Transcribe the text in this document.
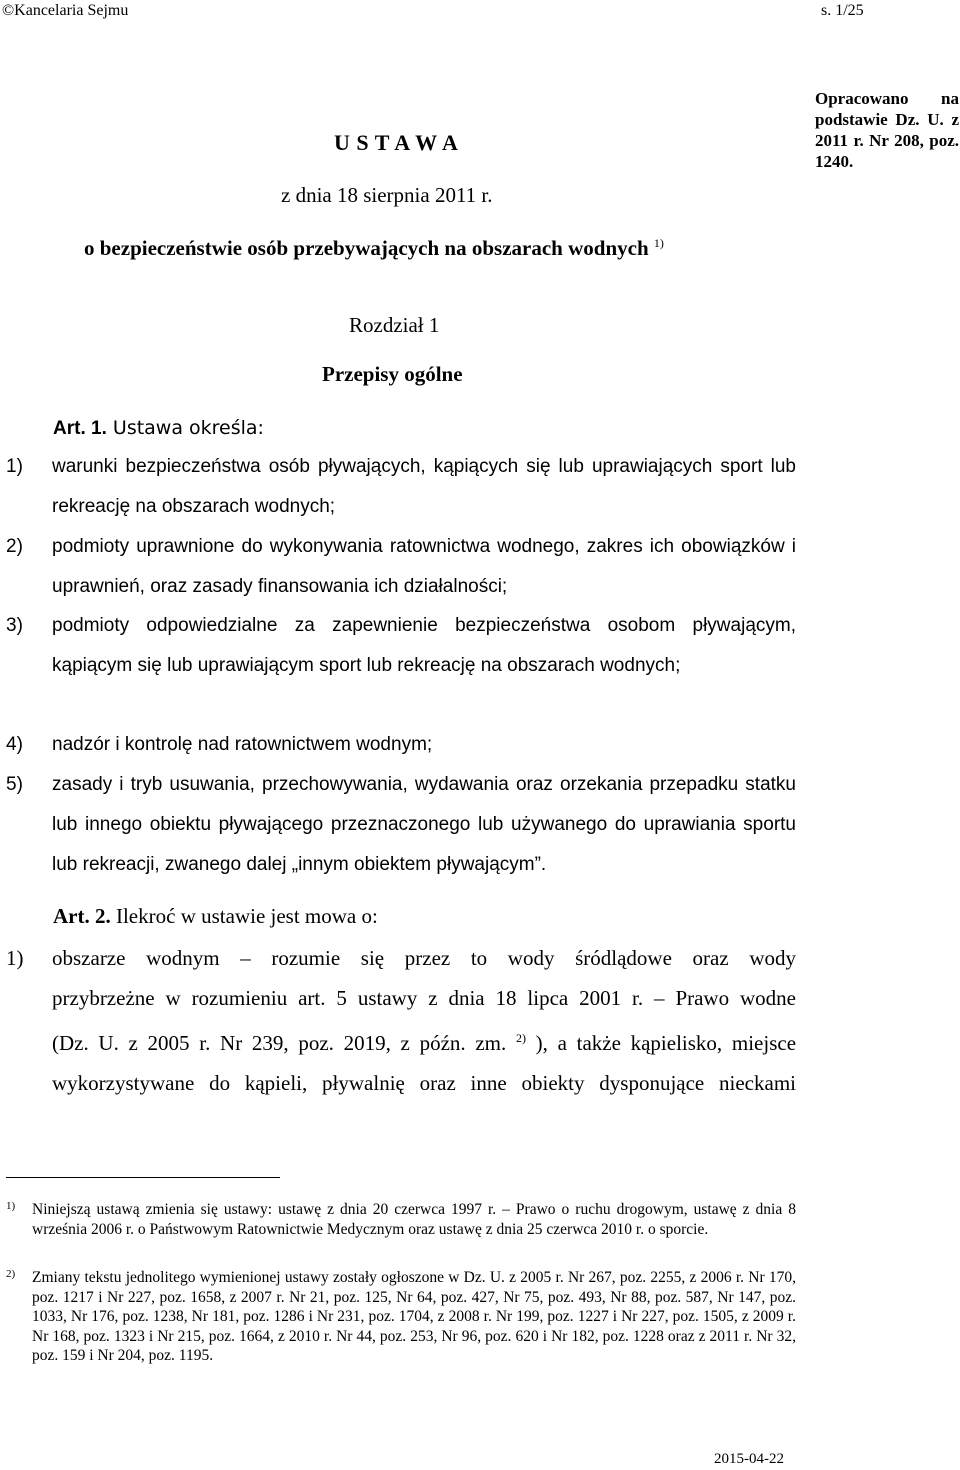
©Kancelaria Sejmu	s. 1/25
Opracowano na podstawie Dz. U. z 2011 r. Nr 208, poz. 1240.
U S T A W A
z dnia 18 sierpnia 2011 r.
o bezpieczeństwie osób przebywających na obszarach wodnych $^{1)}$
Rozdział 1
Przepisy ogólne
Art. 1. Ustawa określa:
1) warunki bezpieczeństwa osób pływających, kąpiących się lub uprawiających sport lub rekreację na obszarach wodnych;
2) podmioty uprawnione do wykonywania ratownictwa wodnego, zakres ich obowiązków i uprawnień, oraz zasady finansowania ich działalności;
3) podmioty odpowiedzialne za zapewnienie bezpieczeństwa osobom pływającym, kąpiącym się lub uprawiającym sport lub rekreację na obszarach wodnych;
4) nadzór i kontrolę nad ratownictwem wodnym;
5) zasady i tryb usuwania, przechowywania, wydawania oraz orzekania przepadku statku lub innego obiektu pływającego przeznaczonego lub używanego do uprawiania sportu lub rekreacji, zwanego dalej „innym obiektem pływającym”.
Art. 2. Ilekroć w ustawie jest mowa o:
1) obszarze wodnym – rozumie się przez to wody śródlądowe oraz wody
przybrzeżne w rozumieniu art. 5 ustawy z dnia 18 lipca 2001 r. – Prawo wodne
(Dz. U. z 2005 r. Nr 239, poz. 2019, z późn. zm. $^{2)}$ ), a także kąpielisko, miejsce
wykorzystywane do kąpieli, pływalnię oraz inne obiekty dysponujące nieckami
1) Niniejszą ustawą zmienia się ustawy: ustawę z dnia 20 czerwca 1997 r. – Prawo o ruchu drogowym, ustawę z dnia 8 września 2006 r. o Państwowym Ratownictwie Medycznym oraz ustawę z dnia 25 czerwca 2010 r. o sporcie.
2) Zmiany tekstu jednolitego wymienionej ustawy zostały ogłoszone w Dz. U. z 2005 r. Nr 267, poz. 2255, z 2006 r. Nr 170, poz. 1217 i Nr 227, poz. 1658, z 2007 r. Nr 21, poz. 125, Nr 64, poz. 427, Nr 75, poz. 493, Nr 88, poz. 587, Nr 147, poz. 1033, Nr 176, poz. 1238, Nr 181, poz. 1286 i Nr 231, poz. 1704, z 2008 r. Nr 199, poz. 1227 i Nr 227, poz. 1505, z 2009 r. Nr 168, poz. 1323 i Nr 215, poz. 1664, z 2010 r. Nr 44, poz. 253, Nr 96, poz. 620 i Nr 182, poz. 1228 oraz z 2011 r. Nr 32, poz. 159 i Nr 204, poz. 1195.
2015-04-22
